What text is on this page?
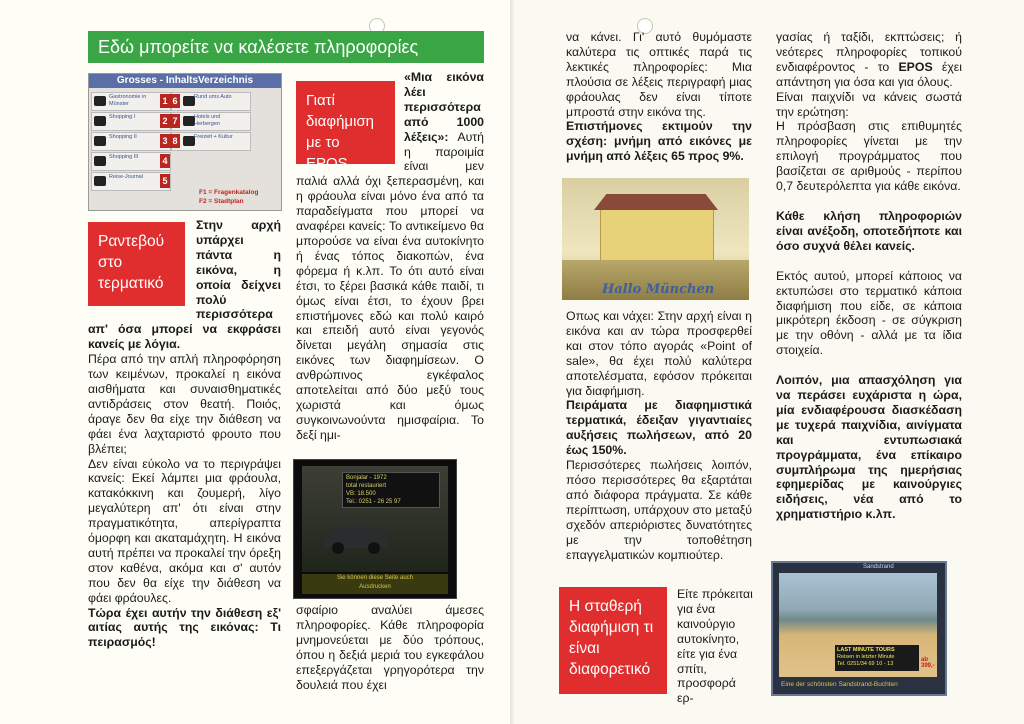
Εδώ μπορείτε να καλέσετε πληροφορίες
Grosses - InhaltsVerzeichnis
1
Gastronomie in Münster
2
Shopping I
3
Shopping II
4
Shopping III
5
Reise-Journal
6	Rund ums Auto
7	Hotels und Herbergen
8	Freizeit + Kultur
F1 = Fragenkatalog
F2 = Stadtplan
Ραντεβού στο τερματικό
Γιατί διαφήμιση με το EPOS

Στην αρχή υπάρχει πάντα η εικόνα, η οποία δείχνει πολύ περισσότερα απ' όσα μπορεί να εκφράσει κανείς με λόγια.

Πέρα από την απλή πληροφόρηση των κειμένων, προκαλεί η εικόνα αισθήματα και συναισθηματικές αντιδράσεις στον θεατή. Ποιός, άραγε δεν θα είχε την διάθεση να φάει ένα λαχταριστό φρουτο που βλέπει;

Δεν είναι εύκολο να το περιγράψει κανείς: Εκεί λάμπει μια φράουλα, κατακόκκινη και ζουμερή, λίγο μεγαλύτερη απ' ότι είναι στην πραγματικότητα, απερίγραπτα όμορφη και ακαταμάχητη. Η εικόνα αυτή πρέπει να προκαλεί την όρεξη στον καθένα, ακόμα και σ' αυτόν που δεν θα είχε την διάθεση να φάει φράουλες.

Τώρα έχει αυτήν την διάθεση εξ' αιτίας αυτής της εικόνας: Τι πειρασμός!

«Μια εικόνα λέει περισσότερα από 1000 λέξεις»: Αυτή η παροιμία είναι μεν παλιά αλλά όχι ξεπερασμένη, και η φράουλα είναι μόνο ένα από τα παραδείγματα που μπορεί να αναφέρει κανείς: Το αντικείμενο θα μπορούσε να είναι ένα αυτοκίνητο ή ένας τόπος διακοπών, ένα φόρεμα ή κ.λπ. Το ότι αυτό είναι έτσι, το ξέρει βασικά κάθε παιδί, τι όμως είναι έτσι, το έχουν βρει επιστήμονες εδώ και πολύ καιρό και επειδή αυτό είναι γεγονός δίνεται μεγάλη σημασία στις εικόνες των διαφημίσεων. Ο ανθρώπινος εγκέφαλος αποτελείται από δύο μεξύ τους χωριστά και όμως συγκοινωνούντα ημισφαίρια. Το δεξί ημι-
Bonjalar - 1972
total restauriert
VB: 18.500
Tel.: 0251 - 26 25 97
Sie können diese Seite auch
Ausdrucken

σφαίριο αναλύει άμεσες πληροφορίες. Κάθε πληροφορία μνημονεύεται με δύο τρόπους, όπου η δεξιά μεριά του εγκεφάλου επεξεργάζεται γρηγορότερα την δουλειά που έχει

να κάνει. Γι' αυτό θυμόμαστε καλύτερα τις οπτικές παρά τις λεκτικές πληροφορίες: Μια πλούσια σε λέξεις περιγραφή μιας φράουλας δεν είναι τίποτε μπροστά στην εικόνα της.

Επιστήμονες εκτιμούν την σχέση: μνήμη από εικόνες με μνήμη από λέξεις 65 προς 9%.

Hallo München

Οπως και νάχει: Στην αρχή είναι η εικόνα και αν τώρα προσφερθεί και στον τόπο αγοράς «Point of sale», θα έχει πολύ καλύτερα αποτελέσματα, εφόσον πρόκειται για διαφήμιση.

Πειράματα με διαφημιστικά τερματικά, έδειξαν γιγαντιαίες αυξήσεις πωλήσεων, από 20 έως 150%.

Περισσότερες πωλήσεις λοιπόν, πόσο περισσότερες θα εξαρτάται από διάφορα πράγματα. Σε κάθε περίπτωση, υπάρχουν στο μεταξύ σχεδόν απεριόριστες δυνατότητες με την τοποθέτηση επαγγελματικών κομπιούτερ.

Η σταθερή διαφήμιση τι είναι διαφορετικό

Είτε πρόκειται για ένα καινούργιο αυτοκίνητο, είτε για ένα σπίτι, προσφορά ερ-

γασίας ή ταξίδι, εκπτώσεις; ή νεότερες πληροφορίες τοπικού ενδιαφέροντος - το EPOS έχει απάντηση για όσα και για όλους.

Είναι παιχνίδι να κάνεις σωστά την ερώτηση:

Η πρόσβαση στις επιθυμητές πληροφορίες γίνεται με την επιλογή προγράμματος που βασίζεται σε αριθμούς - περίπου 0,7 δευτερόλεπτα για κάθε εικόνα.

Κάθε κλήση πληροφοριών είναι ανέξοδη, οποτεδήποτε και όσο συχνά θέλει κανείς.

Εκτός αυτού, μπορεί κάποιος να εκτυπώσει στο τερματικό κάποια διαφήμιση που είδε, σε κάποια μικρότερη έκδοση - σε σύγκριση με την οθόνη - αλλά με τα ίδια στοιχεία.

Λοιπόν, μια απασχόληση για να περάσει ευχάριστα η ώρα, μία ενδιαφέρουσα διασκέδαση με τυχερά παιχνίδια, αινίγματα και εντυπωσιακά προγράμματα, ένα επίκαιρο συμπλήρωμα της ημερήσιας εφημερίδας με καινούργιες ειδήσεις, νέα από το χρηματιστήριο κ.λπ.

Sandstrand
LAST MINUTE TOURS
Reisen in letzter Minute
Tel. 0251/34 69 10 - 13
ab 399,-
Eine der schönsten Sandstrand-Buchten
